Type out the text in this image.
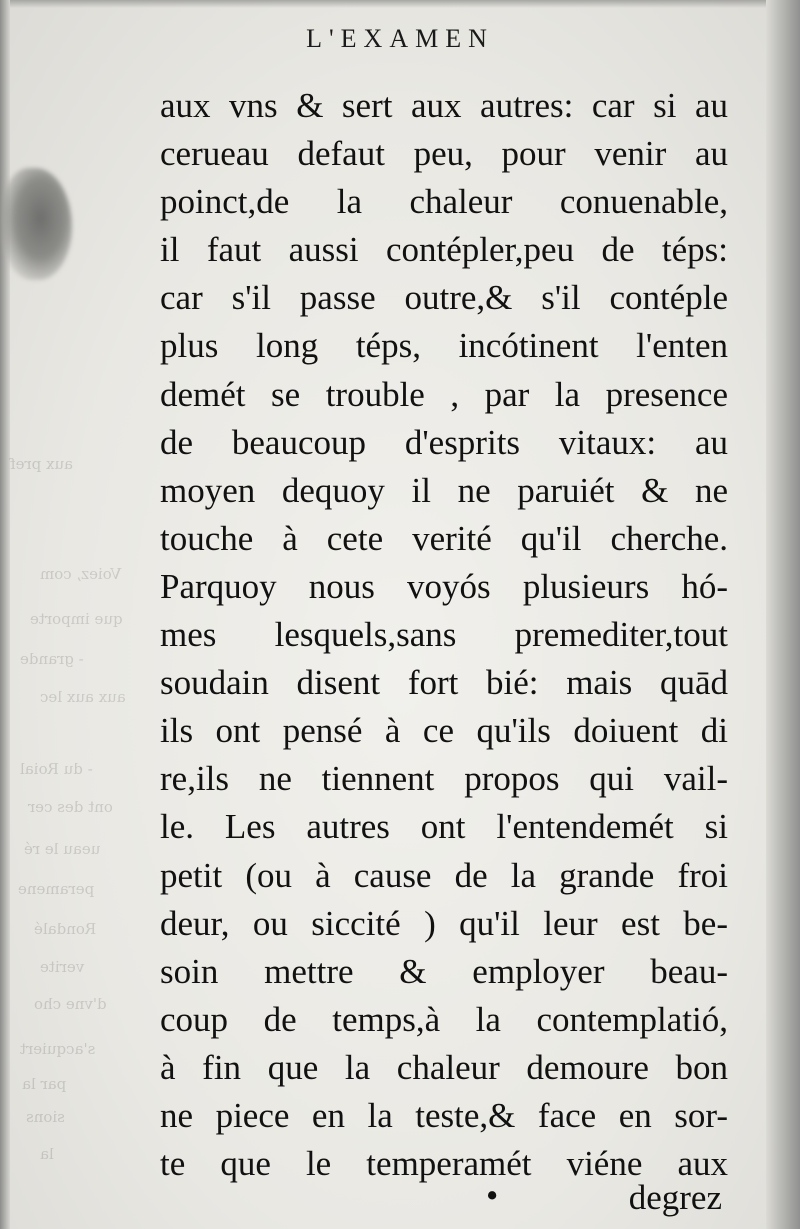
aux pref
Voiez, com
que importe
- grande
aux aux lec
- du Roial
ont des cer
ueau le ré
peramene
Rondalé
verite
d'vne cho
s'acquiert
par la
sions
la
L'EXAMEN
aux vns & sert aux autres: car si au
cerueau defaut peu, pour venir au
poinct,de la chaleur conuenable,
il faut aussi contépler,peu de téps:
car s'il passe outre,& s'il contéple
plus long téps, incótinent l'enten
demét se trouble , par la presence
de beaucoup d'esprits vitaux: au
moyen dequoy il ne paruiét & ne
touche à cete verité qu'il cherche.
Parquoy nous voyós plusieurs hó-
mes lesquels,sans premediter,tout
soudain disent fort bié: mais quād
ils ont pensé à ce qu'ils doiuent di
re,ils ne tiennent propos qui vail-
le. Les autres ont l'entendemét si
petit (ou à cause de la grande froi
deur, ou siccité ) qu'il leur est be-
soin mettre & employer beau-
coup de temps,à la contemplatió,
à fin que la chaleur demoure bon
ne piece en la teste,& face en sor-
te que le temperamét viéne aux
•	degrez
